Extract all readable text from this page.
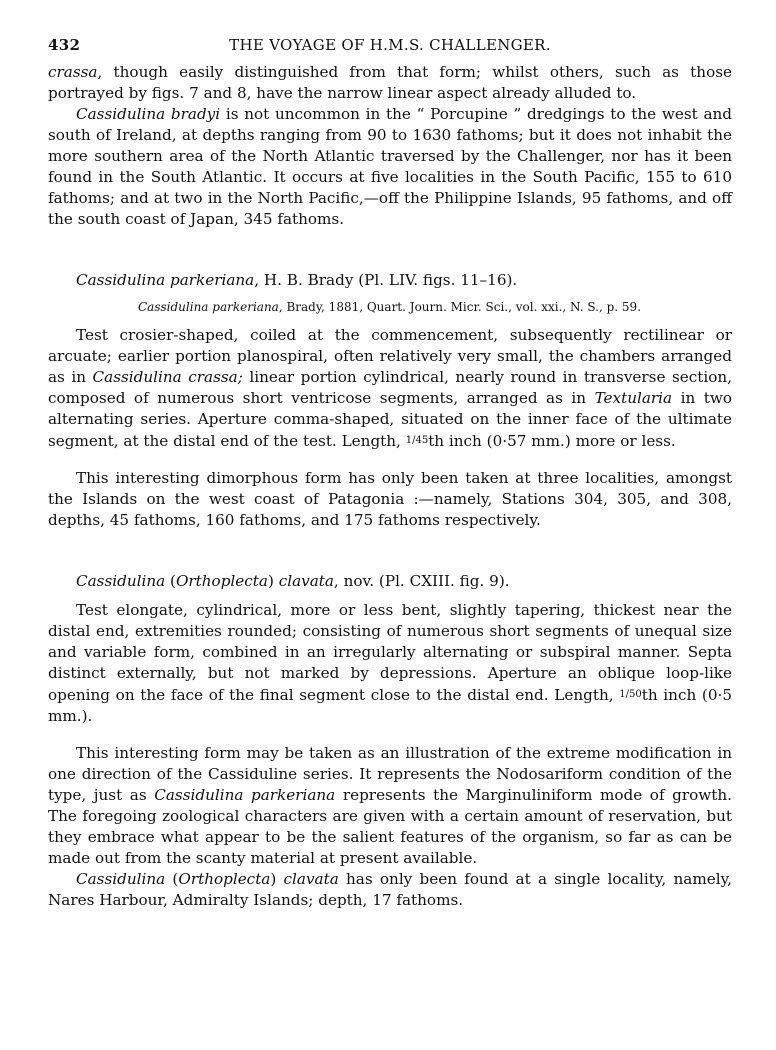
432	THE VOYAGE OF H.M.S. CHALLENGER.

crassa, though easily distinguished from that form; whilst others, such as those portrayed by figs. 7 and 8, have the narrow linear aspect already alluded to.

Cassidulina bradyi is not uncommon in the “ Porcupine ” dredgings to the west and south of Ireland, at depths ranging from 90 to 1630 fathoms; but it does not inhabit the more southern area of the North Atlantic traversed by the Challenger, nor has it been found in the South Atlantic. It occurs at five localities in the South Pacific, 155 to 610 fathoms; and at two in the North Pacific,—off the Philippine Islands, 95 fathoms, and off the south coast of Japan, 345 fathoms.

Cassidulina parkeriana, H. B. Brady (Pl. LIV. figs. 11–16).

Cassidulina parkeriana, Brady, 1881, Quart. Journ. Micr. Sci., vol. xxi., N. S., p. 59.

Test crosier-shaped, coiled at the commencement, subsequently rectilinear or arcuate; earlier portion planospiral, often relatively very small, the chambers arranged as in Cassidulina crassa; linear portion cylindrical, nearly round in transverse section, composed of numerous short ventricose segments, arranged as in Textularia in two alternating series. Aperture comma-shaped, situated on the inner face of the ultimate segment, at the distal end of the test. Length, 1/45th inch (0·57 mm.) more or less.

This interesting dimorphous form has only been taken at three localities, amongst the Islands on the west coast of Patagonia :—namely, Stations 304, 305, and 308, depths, 45 fathoms, 160 fathoms, and 175 fathoms respectively.

Cassidulina (Orthoplecta) clavata, nov. (Pl. CXIII. fig. 9).

Test elongate, cylindrical, more or less bent, slightly tapering, thickest near the distal end, extremities rounded; consisting of numerous short segments of unequal size and variable form, combined in an irregularly alternating or subspiral manner. Septa distinct externally, but not marked by depressions. Aperture an oblique loop-like opening on the face of the final segment close to the distal end. Length, 1/50th inch (0·5 mm.).

This interesting form may be taken as an illustration of the extreme modification in one direction of the Cassiduline series. It represents the Nodosariform condition of the type, just as Cassidulina parkeriana represents the Marginuliniform mode of growth. The foregoing zoological characters are given with a certain amount of reservation, but they embrace what appear to be the salient features of the organism, so far as can be made out from the scanty material at present available.

Cassidulina (Orthoplecta) clavata has only been found at a single locality, namely, Nares Harbour, Admiralty Islands; depth, 17 fathoms.
